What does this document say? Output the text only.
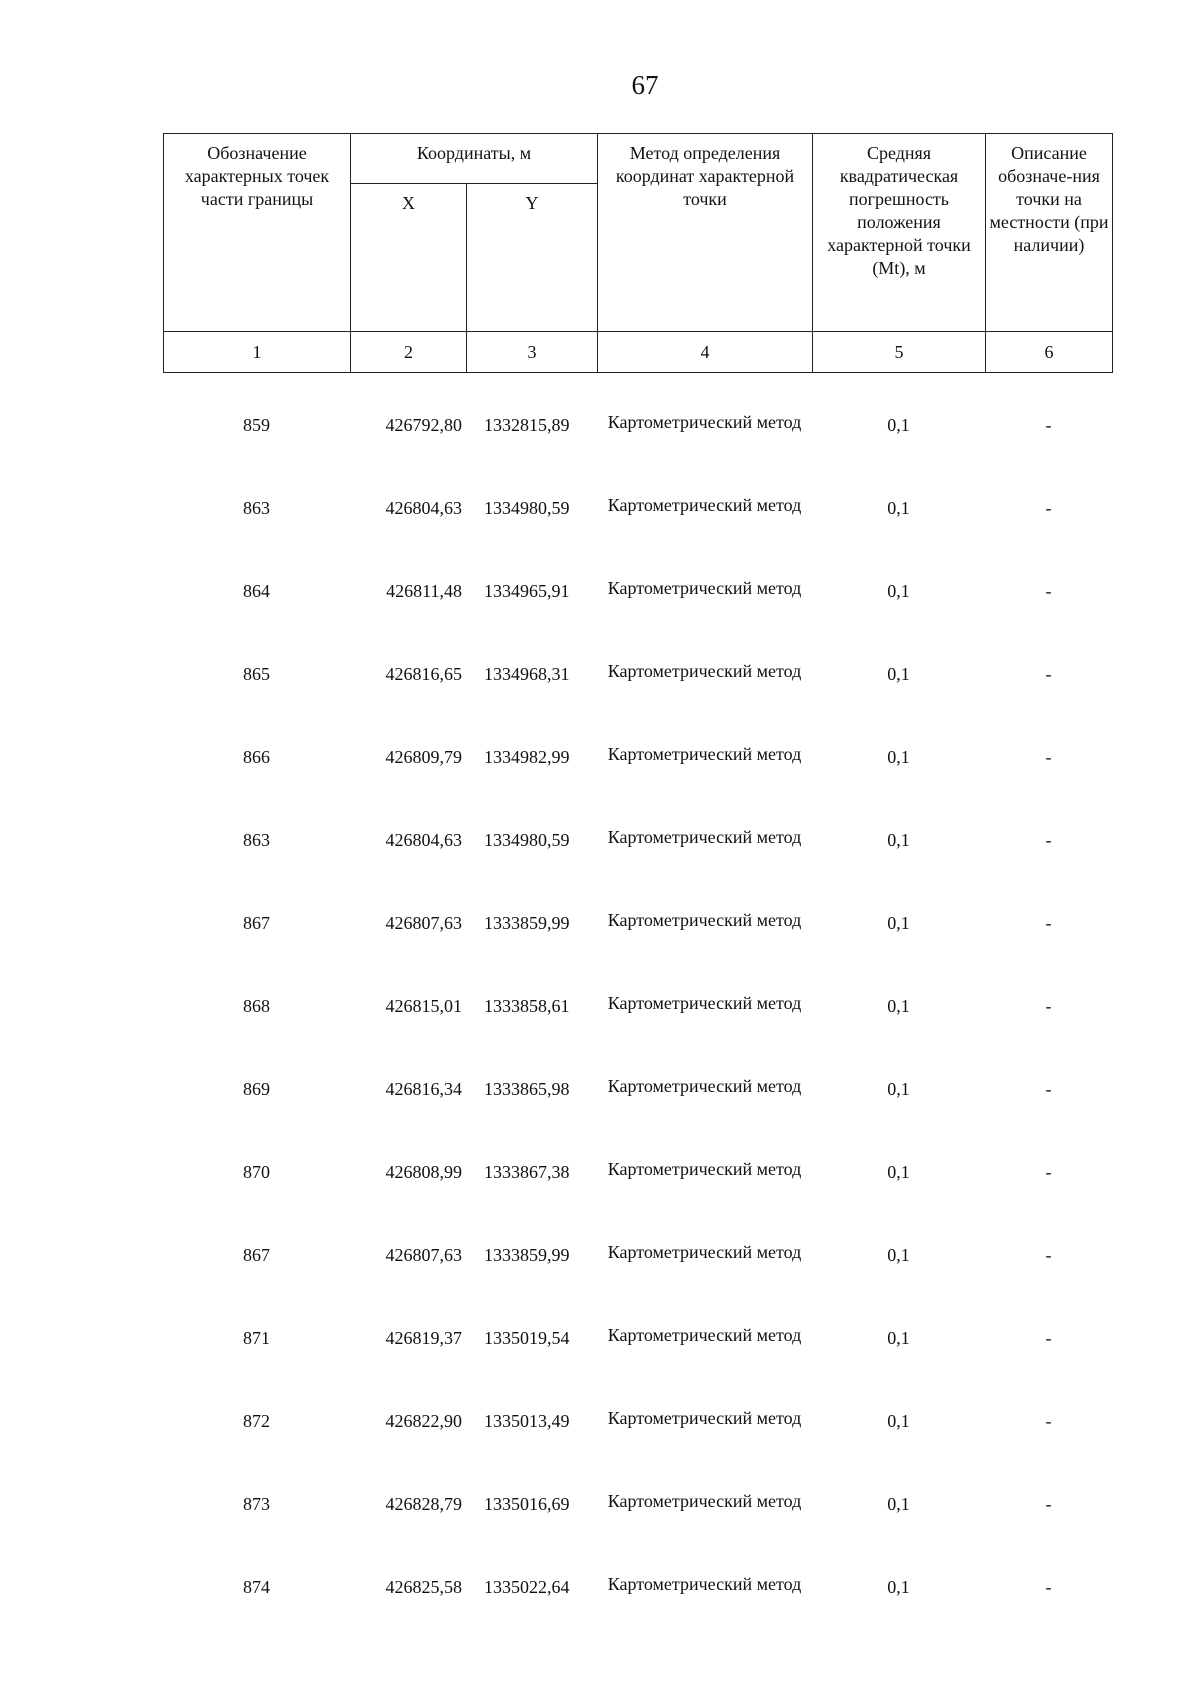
67
Обозначение характерных точек части границы	Координаты, м		Метод определения координат характерной точки	Средняя квадратическая погрешность положения характерной точки (Mt), м	Описание обозначе-ния точки на местности (при наличии)
	X	Y			
1	2	3	4	5	6
859	426792,80	1332815,89	Картометрический метод	0,1	-
863	426804,63	1334980,59	Картометрический метод	0,1	-
864	426811,48	1334965,91	Картометрический метод	0,1	-
865	426816,65	1334968,31	Картометрический метод	0,1	-
866	426809,79	1334982,99	Картометрический метод	0,1	-
863	426804,63	1334980,59	Картометрический метод	0,1	-
867	426807,63	1333859,99	Картометрический метод	0,1	-
868	426815,01	1333858,61	Картометрический метод	0,1	-
869	426816,34	1333865,98	Картометрический метод	0,1	-
870	426808,99	1333867,38	Картометрический метод	0,1	-
867	426807,63	1333859,99	Картометрический метод	0,1	-
871	426819,37	1335019,54	Картометрический метод	0,1	-
872	426822,90	1335013,49	Картометрический метод	0,1	-
873	426828,79	1335016,69	Картометрический метод	0,1	-
874	426825,58	1335022,64	Картометрический метод	0,1	-
